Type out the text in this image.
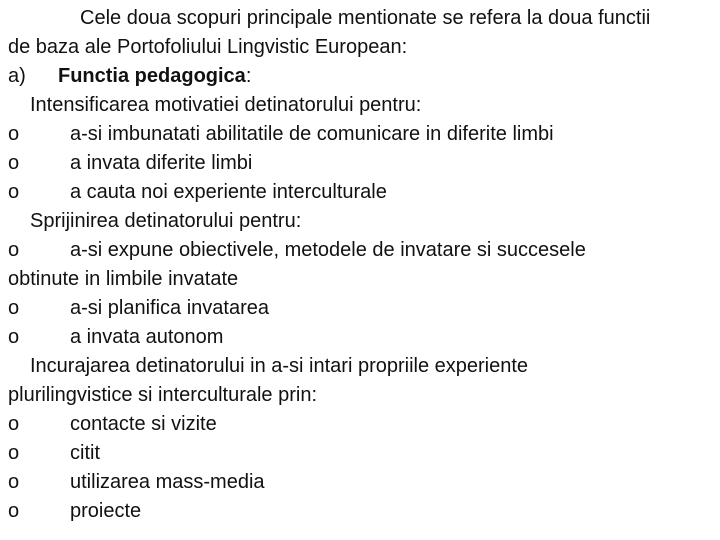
Cele doua scopuri principale mentionate se refera la doua functii
de baza ale Portofoliului Lingvistic European:
a) Functia pedagogica:
Intensificarea motivatiei detinatorului pentru:
o	a-si imbunatati abilitatile de comunicare in diferite limbi
o	a invata diferite limbi
o	a cauta noi experiente interculturale
Sprijinirea detinatorului pentru:
o	a-si expune obiectivele, metodele de invatare si succesele
obtinute in limbile invatate
o	a-si planifica invatarea
o	a invata autonom
Incurajarea detinatorului in a-si intari propriile experiente
plurilingvistice si interculturale prin:
o	contacte si vizite
o	citit
o	utilizarea mass-media
o	proiecte
